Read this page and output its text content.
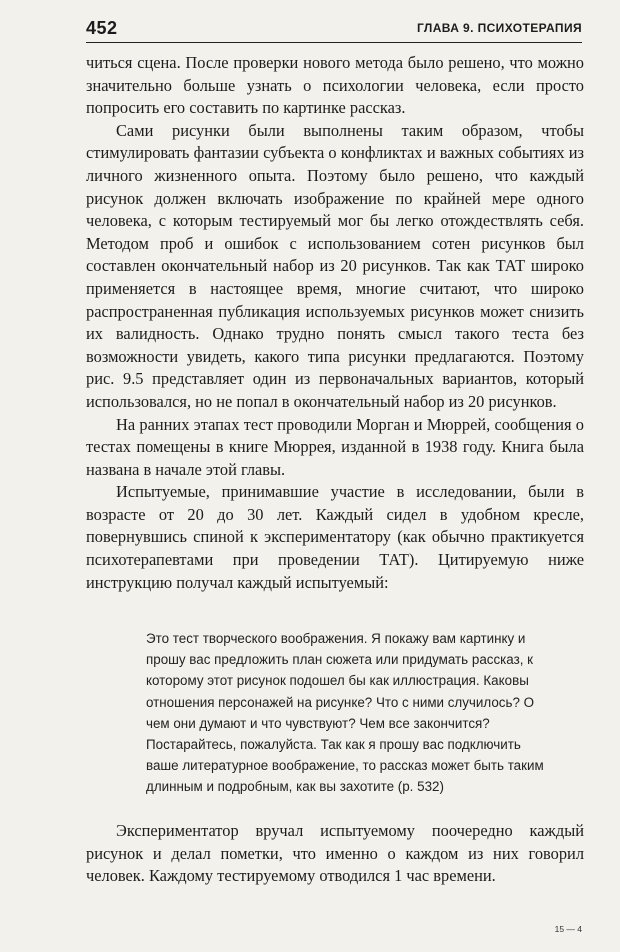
452	ГЛАВА 9. ПСИХОТЕРАПИЯ

читься сцена. После проверки нового метода было решено, что можно значительно больше узнать о психологии человека, если просто попросить его составить по картинке рассказ.

Сами рисунки были выполнены таким образом, чтобы стимулировать фантазии субъекта о конфликтах и важных событиях из личного жизненного опыта. Поэтому было решено, что каждый рисунок должен включать изображение по крайней мере одного человека, с которым тестируемый мог бы легко отождествлять себя. Методом проб и ошибок с использованием сотен рисунков был составлен окончательный набор из 20 рисунков. Так как ТАТ широко применяется в настоящее время, многие считают, что широко распространенная публикация используемых рисунков может снизить их валидность. Однако трудно понять смысл такого теста без возможности увидеть, какого типа рисунки предлагаются. Поэтому рис. 9.5 представляет один из первоначальных вариантов, который использовался, но не попал в окончательный набор из 20 рисунков.

На ранних этапах тест проводили Морган и Мюррей, сообщения о тестах помещены в книге Мюррея, изданной в 1938 году. Книга была названа в начале этой главы.

Испытуемые, принимавшие участие в исследовании, были в возрасте от 20 до 30 лет. Каждый сидел в удобном кресле, повернувшись спиной к экспериментатору (как обычно практикуется психотерапевтами при проведении ТАТ). Цитируемую ниже инструкцию получал каждый испытуемый:

Это тест творческого воображения. Я покажу вам картинку и прошу вас предложить план сюжета или придумать рассказ, к которому этот рисунок подошел бы как иллюстрация. Каковы отношения персонажей на рисунке? Что с ними случилось? О чем они думают и что чувствуют? Чем все закончится? Постарайтесь, пожалуйста. Так как я прошу вас подключить ваше литературное воображение, то рассказ может быть таким длинным и подробным, как вы захотите (р. 532)

Экспериментатор вручал испытуемому поочередно каждый рисунок и делал пометки, что именно о каждом из них говорил человек. Каждому тестируемому отводился 1 час времени.

15 — 4
